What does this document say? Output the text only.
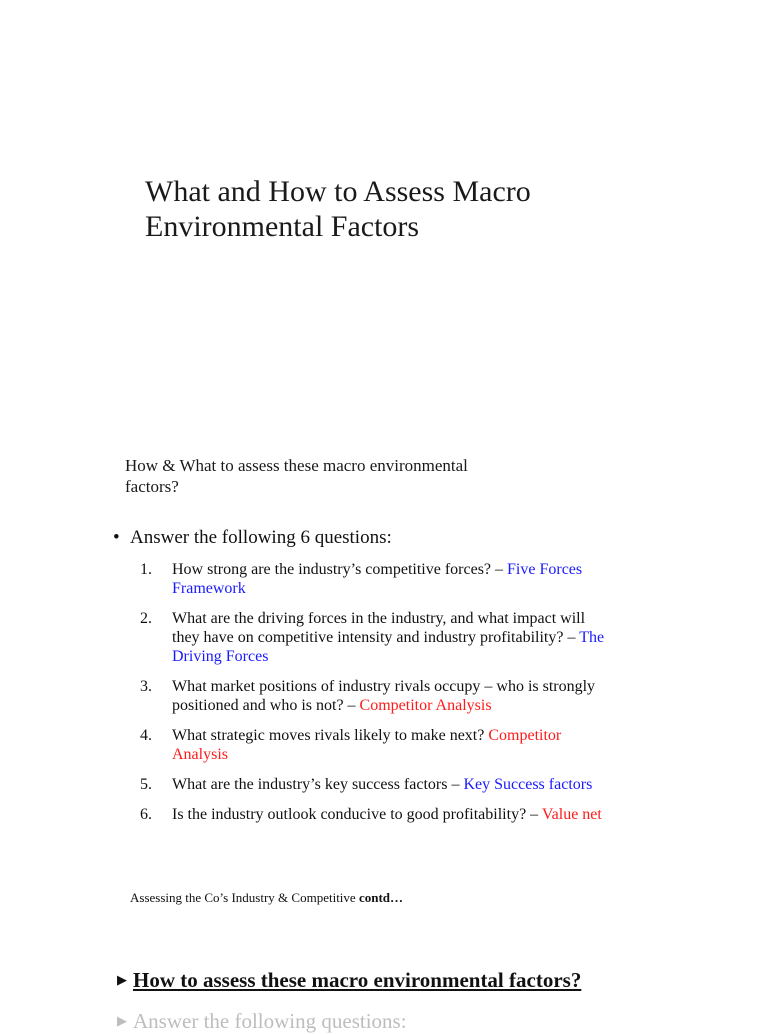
What and How to Assess Macro
Environmental Factors
How & What to assess these macro environmental
factors?
• Answer the following 6 questions:
1.	How strong are the industry’s competitive forces? – Five Forces Framework
2.	What are the driving forces in the industry, and what impact will they have on competitive intensity and industry profitability? – The Driving Forces
3.	What market positions of industry rivals occupy – who is strongly positioned and who is not? – Competitor Analysis
4.	What strategic moves rivals likely to make next? Competitor Analysis
5.	What are the industry’s key success factors – Key Success factors
6.	Is the industry outlook conducive to good profitability? – Value net
Assessing the Co’s Industry & Competitive contd…
▶ How to assess these macro environmental factors?
▶ Answer the following questions:
